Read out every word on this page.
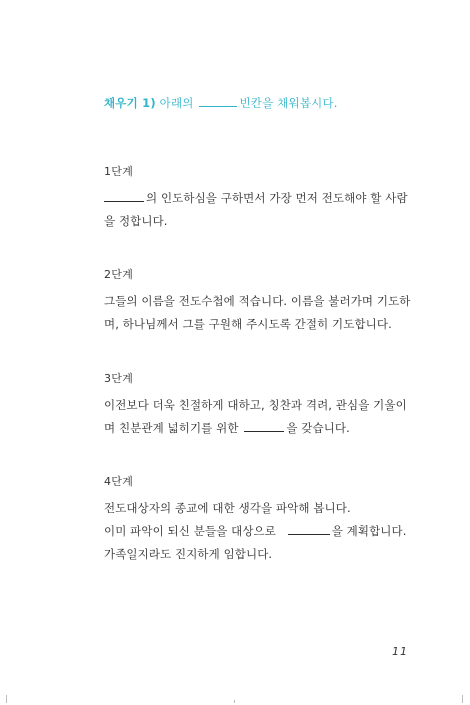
채우기 1) 아래의	빈칸을 채워봅시다.
1단계
의 인도하심을 구하면서 가장 먼저 전도해야 할 사람
을 정합니다.
2단계
그들의 이름을 전도수첩에 적습니다. 이름을 불러가며 기도하
며, 하나님께서 그를 구원해 주시도록 간절히 기도합니다.
3단계
이전보다 더욱 친절하게 대하고, 칭찬과 격려, 관심을 기울이
며 친분관계 넓히기를 위한	을 갖습니다.
4단계
전도대상자의 종교에 대한 생각을 파악해 봅니다.
이미 파악이 되신 분들을 대상으로	을 계획합니다.
가족일지라도 진지하게 임합니다.
11
